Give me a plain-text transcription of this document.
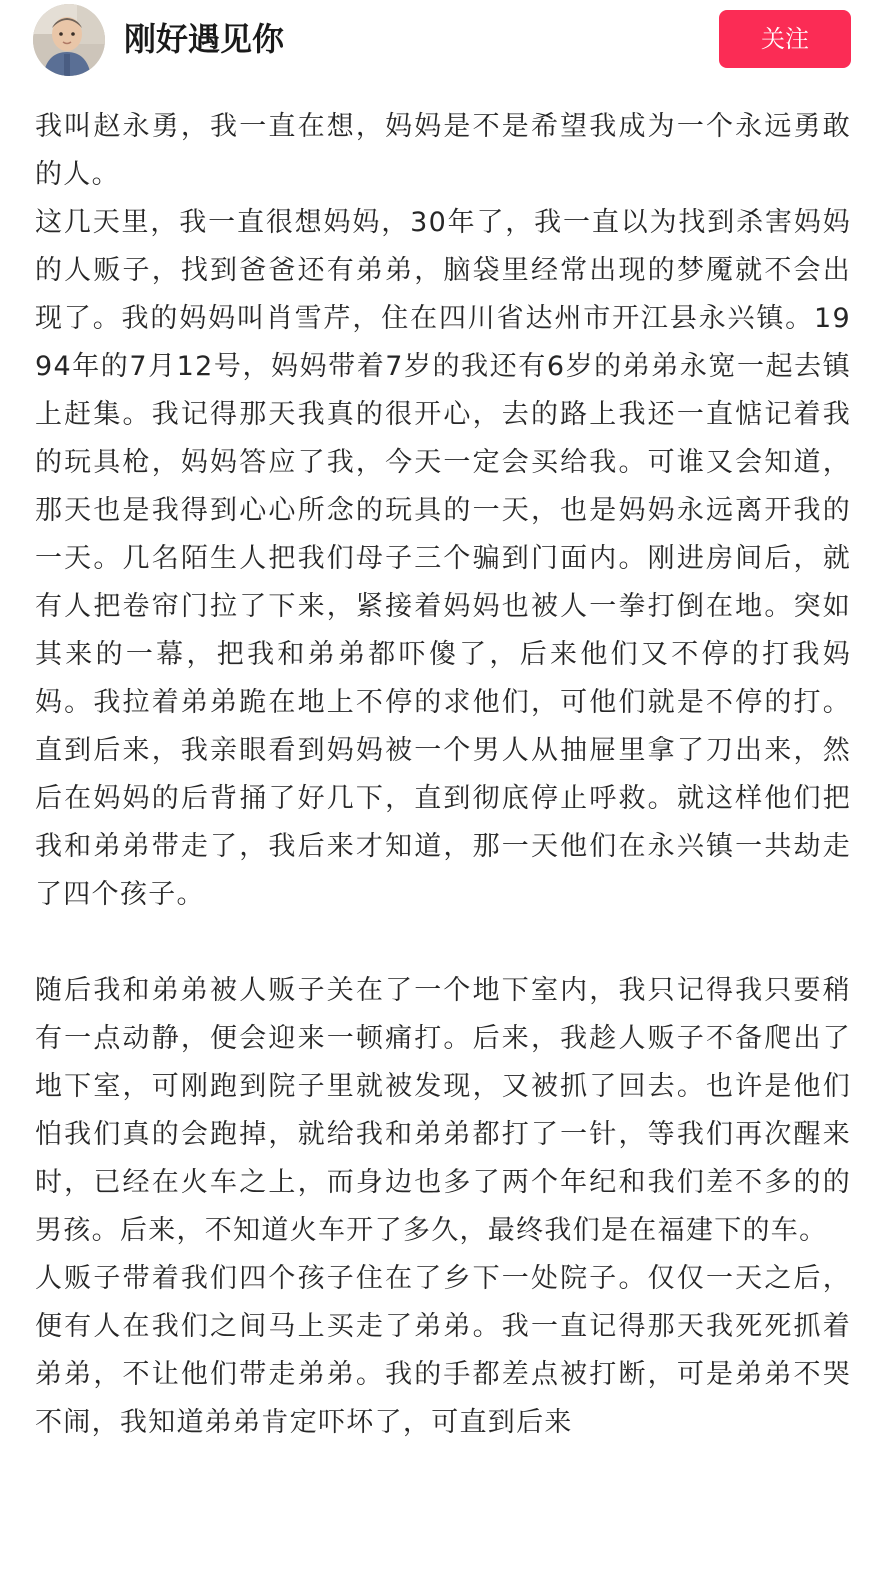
刚好遇见你	关注

我叫赵永勇，我一直在想，妈妈是不是希望我成为一个永远勇敢的人。

这几天里，我一直很想妈妈，30年了，我一直以为找到杀害妈妈的人贩子，找到爸爸还有弟弟，脑袋里经常出现的梦魇就不会出现了。我的妈妈叫肖雪芹，住在四川省达州市开江县永兴镇。1994年的7月12号，妈妈带着7岁的我还有6岁的弟弟永宽一起去镇上赶集。我记得那天我真的很开心，去的路上我还一直惦记着我的玩具枪，妈妈答应了我，今天一定会买给我。可谁又会知道，那天也是我得到心心所念的玩具的一天，也是妈妈永远离开我的一天。几名陌生人把我们母子三个骗到门面内。刚进房间后，就有人把卷帘门拉了下来，紧接着妈妈也被人一拳打倒在地。突如其来的一幕，把我和弟弟都吓傻了，后来他们又不停的打我妈妈。我拉着弟弟跪在地上不停的求他们，可他们就是不停的打。直到后来，我亲眼看到妈妈被一个男人从抽屉里拿了刀出来，然后在妈妈的后背捅了好几下，直到彻底停止呼救。就这样他们把我和弟弟带走了，我后来才知道，那一天他们在永兴镇一共劫走了四个孩子。

随后我和弟弟被人贩子关在了一个地下室内，我只记得我只要稍有一点动静，便会迎来一顿痛打。后来，我趁人贩子不备爬出了地下室，可刚跑到院子里就被发现，又被抓了回去。也许是他们怕我们真的会跑掉，就给我和弟弟都打了一针，等我们再次醒来时，已经在火车之上，而身边也多了两个年纪和我们差不多的的男孩。后来，不知道火车开了多久，最终我们是在福建下的车。

人贩子带着我们四个孩子住在了乡下一处院子。仅仅一天之后，便有人在我们之间马上买走了弟弟。我一直记得那天我死死抓着弟弟，不让他们带走弟弟。我的手都差点被打断，可是弟弟不哭不闹，我知道弟弟肯定吓坏了，可直到后来
